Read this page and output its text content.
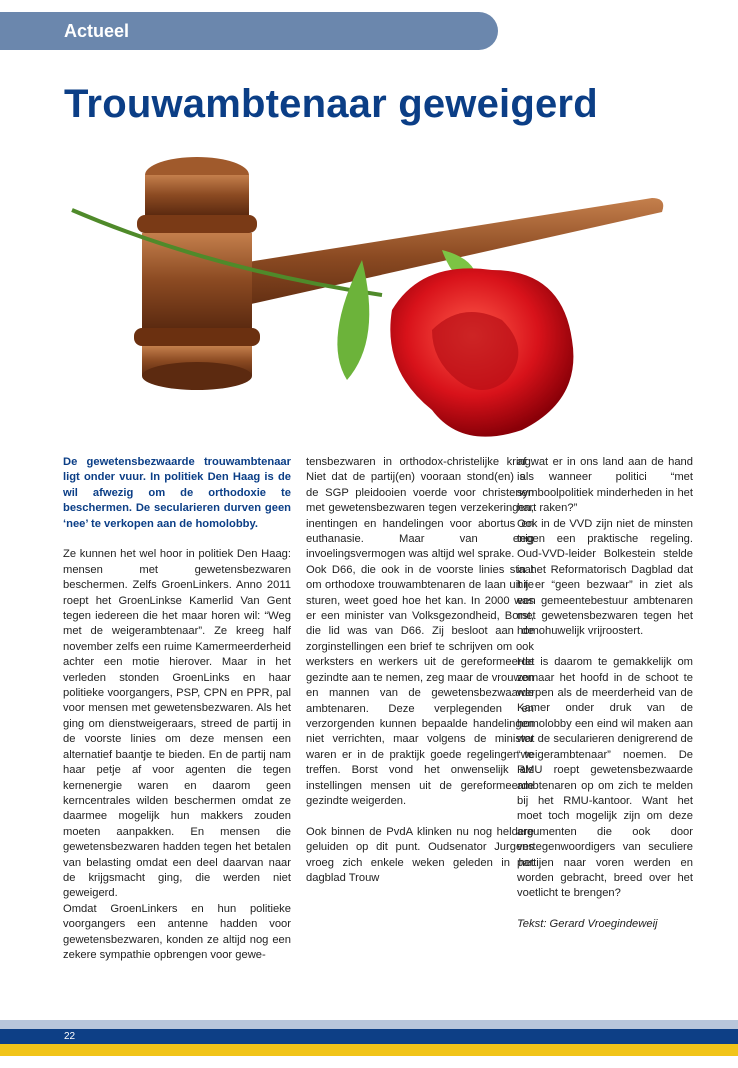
Actueel
Trouwambtenaar geweigerd

De gewetensbezwaarde trouwambtenaar ligt onder vuur. In politiek Den Haag is de wil afwezig om de orthodoxie te beschermen. De secularieren durven geen ‘nee’ te verkopen aan de homolobby.

Ze kunnen het wel hoor in politiek Den Haag: mensen met gewetensbezwaren beschermen. Zelfs GroenLinkers. Anno 2011 roept het GroenLinkse Kamerlid Van Gent tegen iedereen die het maar horen wil: “Weg met de weigerambtenaar”. Ze kreeg half november zelfs een ruime Kamermeerderheid achter een motie hierover. Maar in het verleden stonden GroenLinks en haar politieke voorgangers, PSP, CPN en PPR, pal voor mensen met gewetensbezwaren. Als het ging om dienstweigeraars, streed de partij in de voorste linies om deze mensen een alternatief baantje te bieden. En de partij nam haar petje af voor agenten die tegen kernenergie waren en daarom geen kerncentrales wilden beschermen omdat ze daarmee mogelijk hun makkers zouden moeten aanpakken. En mensen die gewetensbezwaren hadden tegen het betalen van belasting omdat een deel daarvan naar de krijgsmacht ging, die werden niet geweigerd.

Omdat GroenLinkers en hun politieke voorgangers een antenne hadden voor gewetensbezwaren, konden ze altijd nog een zekere sympathie opbrengen voor gewe-

tensbezwaren in orthodox-christelijke kring. Niet dat de partij(en) vooraan stond(en) als de SGP pleidooien voerde voor christenen met gewetensbezwaren tegen verzekeringen, inentingen en handelingen voor abortus en euthanasie. Maar van enig invoelingsvermogen was altijd wel sprake.

Ook D66, die ook in de voorste linies staat om orthodoxe trouwambtenaren de laan uit te sturen, weet goed hoe het kan. In 2000 was er een minister van Volksgezondheid, Borst, die lid was van D66. Zij besloot aan de zorginstellingen een brief te schrijven om ook werksters en werkers uit de gereformeerde gezindte aan te nemen, zeg maar de vrouwen en mannen van de gewetensbezwaarde ambtenaren. Deze verplegenden en verzorgenden kunnen bepaalde handelingen niet verrichten, maar volgens de minister waren er in de praktijk goede regelingen te treffen. Borst vond het onwenselijk als instellingen mensen uit de gereformeerde gezindte weigerden.

Ook binnen de PvdA klinken nu nog heldere geluiden op dit punt. Oudsenator Jurgens vroeg zich enkele weken geleden in het dagblad Trouw

af wat er in ons land aan de hand is wanneer politici “met symboolpolitiek minderheden in het hart raken?”

Ook in de VVD zijn niet de minsten tegen een praktische regeling. Oud-VVD-leider Bolkestein stelde in het Reformatorisch Dagblad dat hij er “geen bezwaar” in ziet als een gemeentebestuur ambtenaren met gewetensbezwaren tegen het homohuwelijk vrijroostert.

Het is daarom te gemakkelijk om zomaar het hoofd in de schoot te werpen als de meerderheid van de Kamer onder druk van de homolobby een eind wil maken aan wat de secularieren denigrerend de “weigerambtenaar” noemen. De RMU roept gewetensbezwaarde ambtenaren op om zich te melden bij het RMU-kantoor. Want het moet toch mogelijk zijn om deze argumenten die ook door vertegenwoordigers van seculiere partijen naar voren werden en worden gebracht, breed over het voetlicht te brengen?

Tekst: Gerard Vroegindeweij

22
